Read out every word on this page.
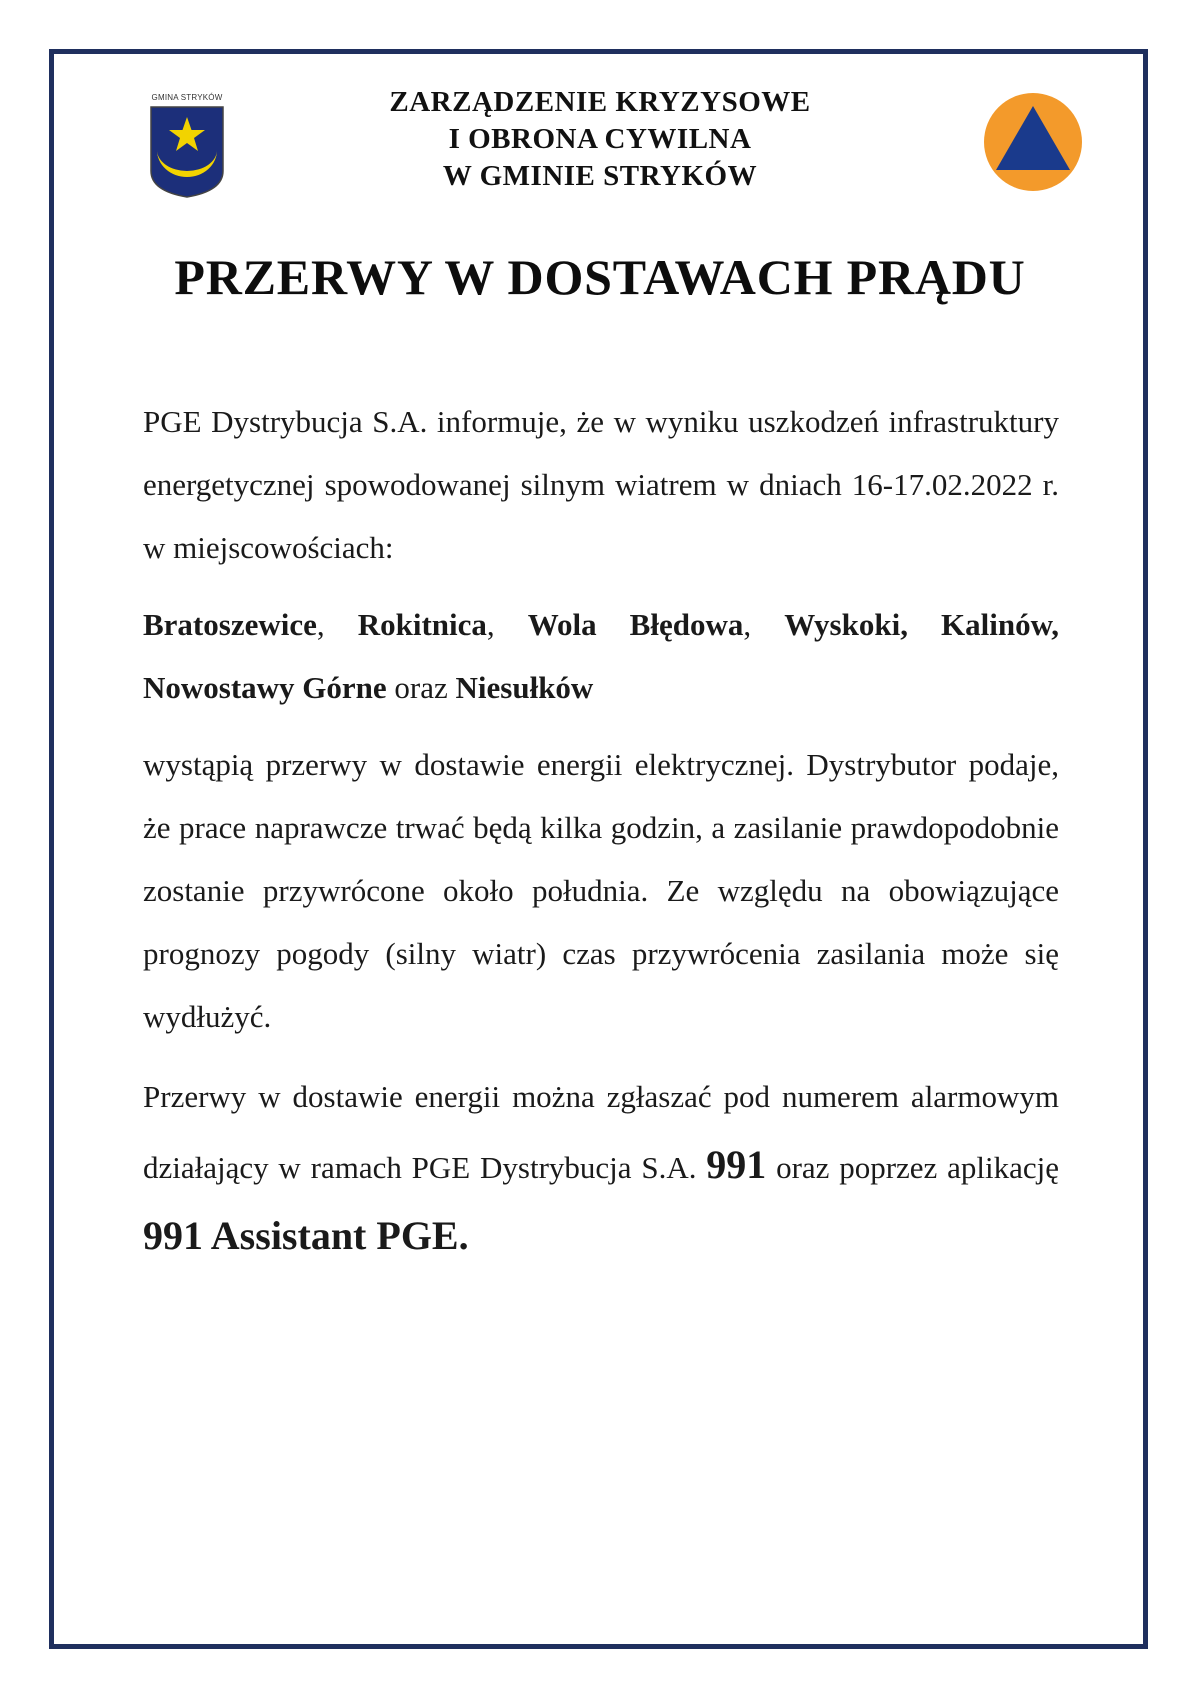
GMINA STRYKÓW	ZARZĄDZENIE KRYZYSOWE
I OBRONA CYWILNA
W GMINIE STRYKÓW
PRZERWY W DOSTAWACH PRĄDU

PGE Dystrybucja S.A. informuje, że w wyniku uszkodzeń infrastruktury energetycznej spowodowanej silnym wiatrem w dniach 16-17.02.2022 r. w miejscowościach:

Bratoszewice, Rokitnica, Wola Błędowa, Wyskoki, Kalinów, Nowostawy Górne oraz Niesułków

wystąpią przerwy w dostawie energii elektrycznej. Dystrybutor podaje, że prace naprawcze trwać będą kilka godzin, a zasilanie prawdopodobnie zostanie przywrócone około południa. Ze względu na obowiązujące prognozy pogody (silny wiatr) czas przywrócenia zasilania może się wydłużyć.

Przerwy w dostawie energii można zgłaszać pod numerem alarmowym działający w ramach PGE Dystrybucja S.A. 991 oraz poprzez aplikację 991 Assistant PGE.
